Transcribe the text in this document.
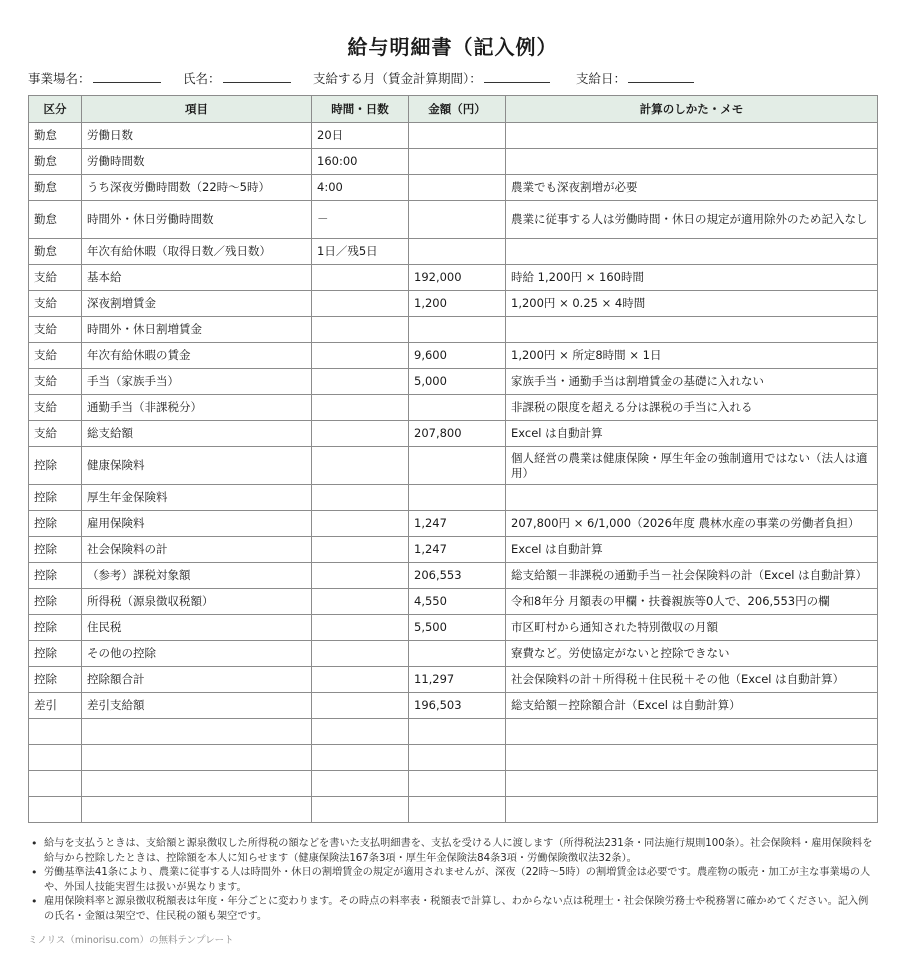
給与明細書（記入例）
事業場名：	氏名：	支給する月（賃金計算期間）：	支給日：
区分	項目	時間・日数	金額（円）	計算のしかた・メモ
勤怠	労働日数	20日		
勤怠	労働時間数	160:00		
勤怠	うち深夜労働時間数（22時〜5時）	4:00		農業でも深夜割増が必要
勤怠	時間外・休日労働時間数	－		農業に従事する人は労働時間・休日の規定が適用除外のため記入なし
勤怠	年次有給休暇（取得日数／残日数）	1日／残5日		
支給	基本給		192,000	時給 1,200円 × 160時間
支給	深夜割増賃金		1,200	1,200円 × 0.25 × 4時間
支給	時間外・休日割増賃金			
支給	年次有給休暇の賃金		9,600	1,200円 × 所定8時間 × 1日
支給	手当（家族手当）		5,000	家族手当・通勤手当は割増賃金の基礎に入れない
支給	通勤手当（非課税分）			非課税の限度を超える分は課税の手当に入れる
支給	総支給額		207,800	Excel は自動計算
控除	健康保険料			個人経営の農業は健康保険・厚生年金の強制適用ではない（法人は適用）
控除	厚生年金保険料			
控除	雇用保険料		1,247	207,800円 × 6/1,000（2026年度 農林水産の事業の労働者負担）
控除	社会保険料の計		1,247	Excel は自動計算
控除	（参考）課税対象額		206,553	総支給額－非課税の通勤手当－社会保険料の計（Excel は自動計算）
控除	所得税（源泉徴収税額）		4,550	令和8年分 月額表の甲欄・扶養親族等0人で、206,553円の欄
控除	住民税		5,500	市区町村から通知された特別徴収の月額
控除	その他の控除			寮費など。労使協定がないと控除できない
控除	控除額合計		11,297	社会保険料の計＋所得税＋住民税＋その他（Excel は自動計算）
差引	差引支給額		196,503	総支給額－控除額合計（Excel は自動計算）

• 給与を支払うときは、支給額と源泉徴収した所得税の額などを書いた支払明細書を、支払を受ける人に渡します（所得税法231条・同法施行規則100条）。社会保険料・雇用保険料を給与から控除したときは、控除額を本人に知らせます（健康保険法167条3項・厚生年金保険法84条3項・労働保険徴収法32条）。
• 労働基準法41条により、農業に従事する人は時間外・休日の割増賃金の規定が適用されませんが、深夜（22時〜5時）の割増賃金は必要です。農産物の販売・加工が主な事業場の人や、外国人技能実習生は扱いが異なります。
• 雇用保険料率と源泉徴収税額表は年度・年分ごとに変わります。その時点の料率表・税額表で計算し、わからない点は税理士・社会保険労務士や税務署に確かめてください。記入例の氏名・金額は架空で、住民税の額も架空です。
ミノリス（minorisu.com）の無料テンプレート
